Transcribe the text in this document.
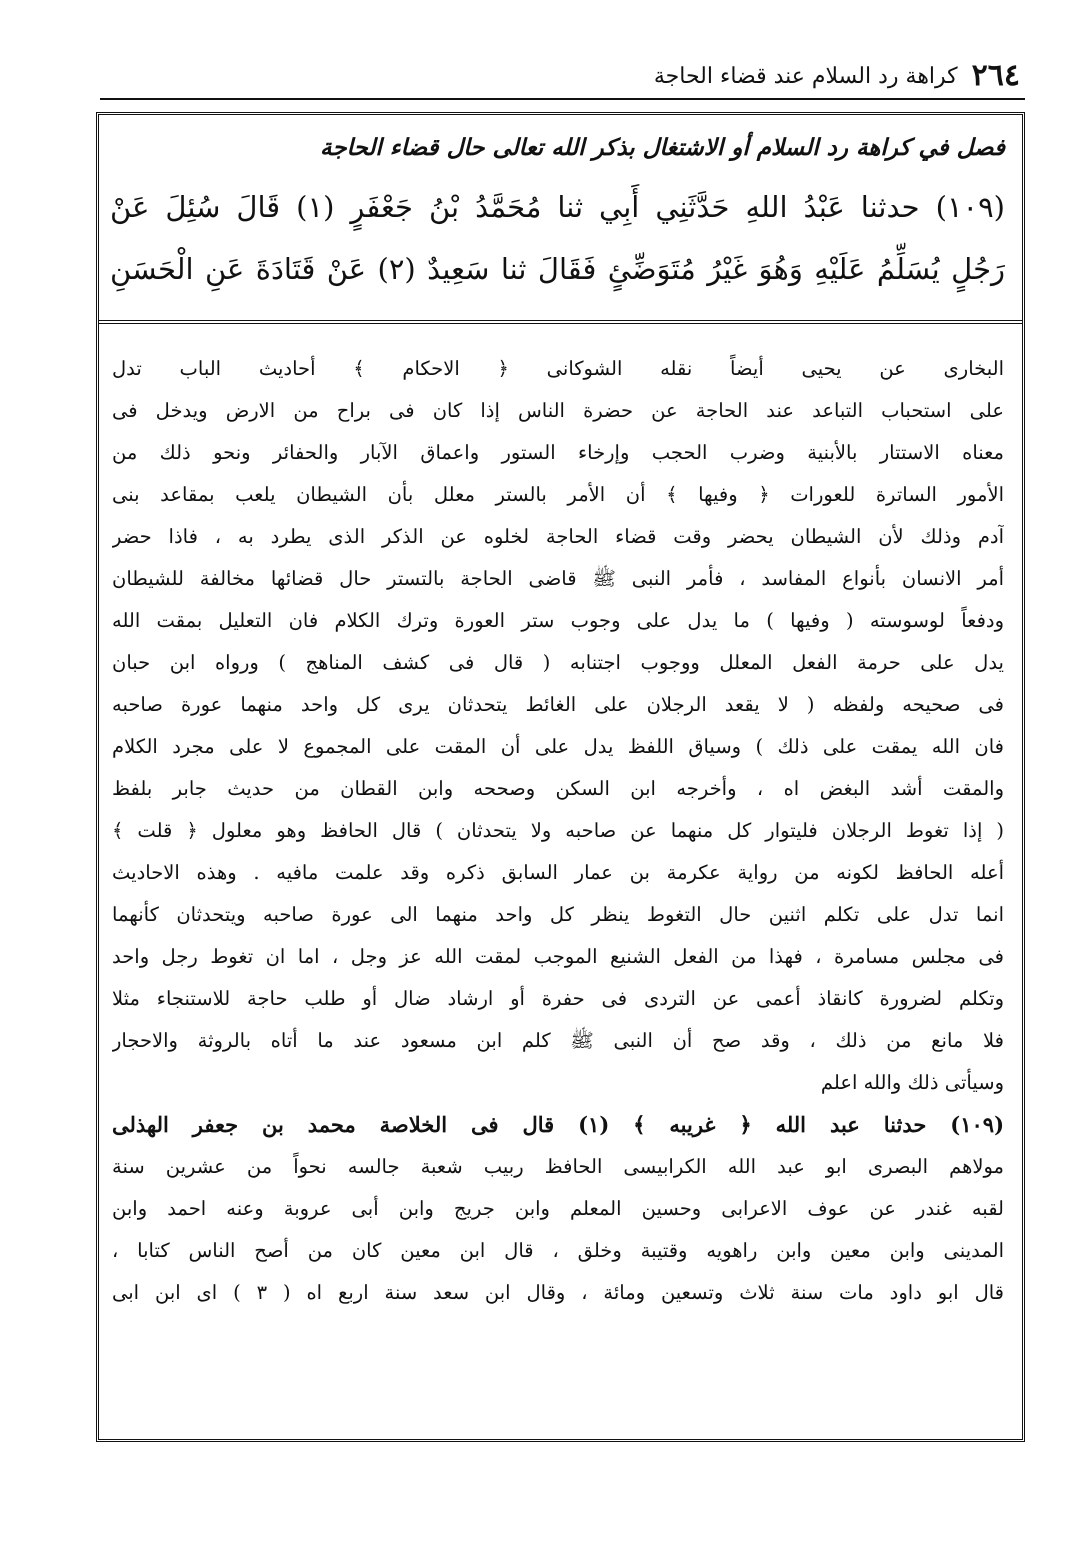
٢٦٤
كراهة رد السلام عند قضاء الحاجة
فصل في كراهة رد السلام أو الاشتغال بذكر الله تعالى حال قضاء الحاجة
(١٠٩) حدثنا عَبْدُ اللهِ حَدَّثَنِي أَبِي ثنا مُحَمَّدُ بْنُ جَعْفَرٍ (١) قَالَ سُئِلَ عَنْ
رَجُلٍ يُسَلِّمُ عَلَيْهِ وَهُوَ غَيْرُ مُتَوَضِّئٍ فَقَالَ ثنا سَعِيدٌ (٢) عَنْ قَتَادَةَ عَنِ الْحَسَنِ
البخارى عن يحيى أيضاً نقله الشوكانى ﴿ الاحكام ﴾ أحاديث الباب تدل
على استحباب التباعد عند الحاجة عن حضرة الناس إذا كان فى براح من الارض ويدخل فى
معناه الاستتار بالأبنية وضرب الحجب وإرخاء الستور واعماق الآبار والحفائر ونحو ذلك من
الأمور الساترة للعورات ﴿ وفيها ﴾ أن الأمر بالستر معلل بأن الشيطان يلعب بمقاعد بنى
آدم وذلك لأن الشيطان يحضر وقت قضاء الحاجة لخلوه عن الذكر الذى يطرد به ، فاذا حضر
أمر الانسان بأنواع المفاسد ، فأمر النبى ﷺ قاضى الحاجة بالتستر حال قضائها مخالفة للشيطان
ودفعاً لوسوسته ( وفيها ) ما يدل على وجوب ستر العورة وترك الكلام فان التعليل بمقت الله
يدل على حرمة الفعل المعلل ووجوب اجتنابه ( قال فى كشف المناهج ) ورواه ابن حبان
فى صحيحه ولفظه ( لا يقعد الرجلان على الغائط يتحدثان يرى كل واحد منهما عورة صاحبه
فان الله يمقت على ذلك ) وسياق اللفظ يدل على أن المقت على المجموع لا على مجرد الكلام
والمقت أشد البغض اه ، وأخرجه ابن السكن وصححه وابن القطان من حديث جابر بلفظ
( إذا تغوط الرجلان فليتوار كل منهما عن صاحبه ولا يتحدثان ) قال الحافظ وهو معلول ﴿ قلت ﴾
أعله الحافظ لكونه من رواية عكرمة بن عمار السابق ذكره وقد علمت مافيه . وهذه الاحاديث
انما تدل على تكلم اثنين حال التغوط ينظر كل واحد منهما الى عورة صاحبه ويتحدثان كأنهما
فى مجلس مسامرة ، فهذا من الفعل الشنيع الموجب لمقت الله عز وجل ، اما ان تغوط رجل واحد
وتكلم لضرورة كانقاذ أعمى عن التردى فى حفرة أو ارشاد ضال أو طلب حاجة للاستنجاء مثلا
فلا مانع من ذلك ، وقد صح أن النبى ﷺ كلم ابن مسعود عند ما أتاه بالروثة والاحجار
وسيأتى ذلك والله اعلم
(١٠٩) حدثنا عبد الله ﴿ غريبه ﴾ (١) قال فى الخلاصة محمد بن جعفر الهذلى
مولاهم البصرى ابو عبد الله الكرابيسى الحافظ ربيب شعبة جالسه نحواً من عشرين سنة
لقبه غندر عن عوف الاعرابى وحسين المعلم وابن جريج وابن أبى عروبة وعنه احمد وابن
المدينى وابن معين وابن راهويه وقتيبة وخلق ، قال ابن معين كان من أصح الناس كتابا ،
قال ابو داود مات سنة ثلاث وتسعين ومائة ، وقال ابن سعد سنة اربع اه ( ٣ ) اى ابن ابى
